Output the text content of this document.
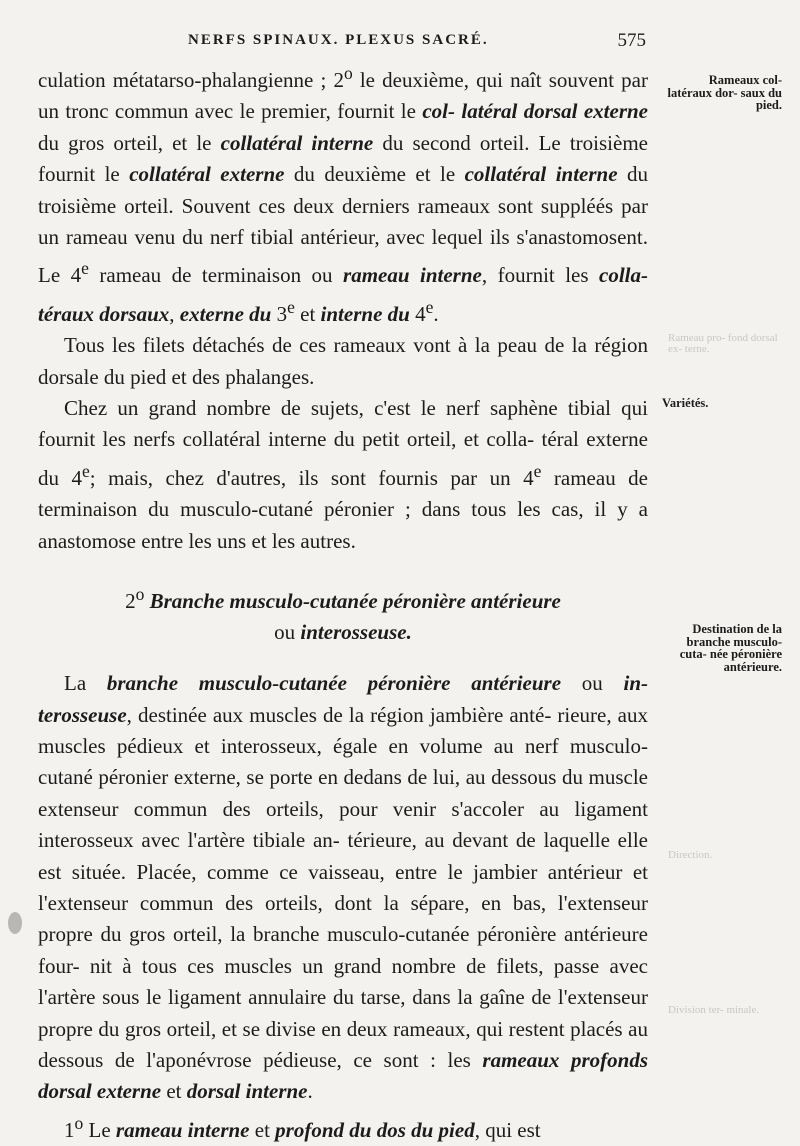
NERFS SPINAUX. PLEXUS SACRÉ.	575

culation métatarso-phalangienne ; 2$^o$ le deuxième, qui naît souvent par un tronc commun avec le premier, fournit le col- latéral dorsal externe du gros orteil, et le collatéral interne du second orteil. Le troisième fournit le collatéral externe du deuxième et le collatéral interne du troisième orteil. Souvent ces deux derniers rameaux sont suppléés par un rameau venu du nerf tibial antérieur, avec lequel ils s'anastomosent. Le 4e rameau de terminaison ou rameau interne, fournit les colla- téraux dorsaux, externe du 3e et interne du 4e.

Tous les filets détachés de ces rameaux vont à la peau de la région dorsale du pied et des phalanges.

Chez un grand nombre de sujets, c'est le nerf saphène tibial qui fournit les nerfs collatéral interne du petit orteil, et colla- téral externe du 4e; mais, chez d'autres, ils sont fournis par un 4e rameau de terminaison du musculo-cutané péronier ; dans tous les cas, il y a anastomose entre les uns et les autres.

2$^o$ Branche musculo-cutanée péronière antérieure
ou interosseuse.

La branche musculo-cutanée péronière antérieure ou in- terosseuse, destinée aux muscles de la région jambière anté- rieure, aux muscles pédieux et interosseux, égale en volume au nerf musculo-cutané péronier externe, se porte en dedans de lui, au dessous du muscle extenseur commun des orteils, pour venir s'accoler au ligament interosseux avec l'artère tibiale an- térieure, au devant de laquelle elle est située. Placée, comme ce vaisseau, entre le jambier antérieur et l'extenseur commun des orteils, dont la sépare, en bas, l'extenseur propre du gros orteil, la branche musculo-cutanée péronière antérieure four- nit à tous ces muscles un grand nombre de filets, passe avec l'artère sous le ligament annulaire du tarse, dans la gaîne de l'extenseur propre du gros orteil, et se divise en deux rameaux, qui restent placés au dessous de l'aponévrose pédieuse, ce sont : les rameaux profonds dorsal externe et dorsal interne.

1$^o$ Le rameau interne et profond du dos du pied, qui est

Rameaux col- latéraux dor- saux du pied.
Variétés.
Destination de la branche musculo-cuta- née péronière antérieure.
Rameau pro- fond dorsal ex- terne.
Direction.
Division ter- minale.
